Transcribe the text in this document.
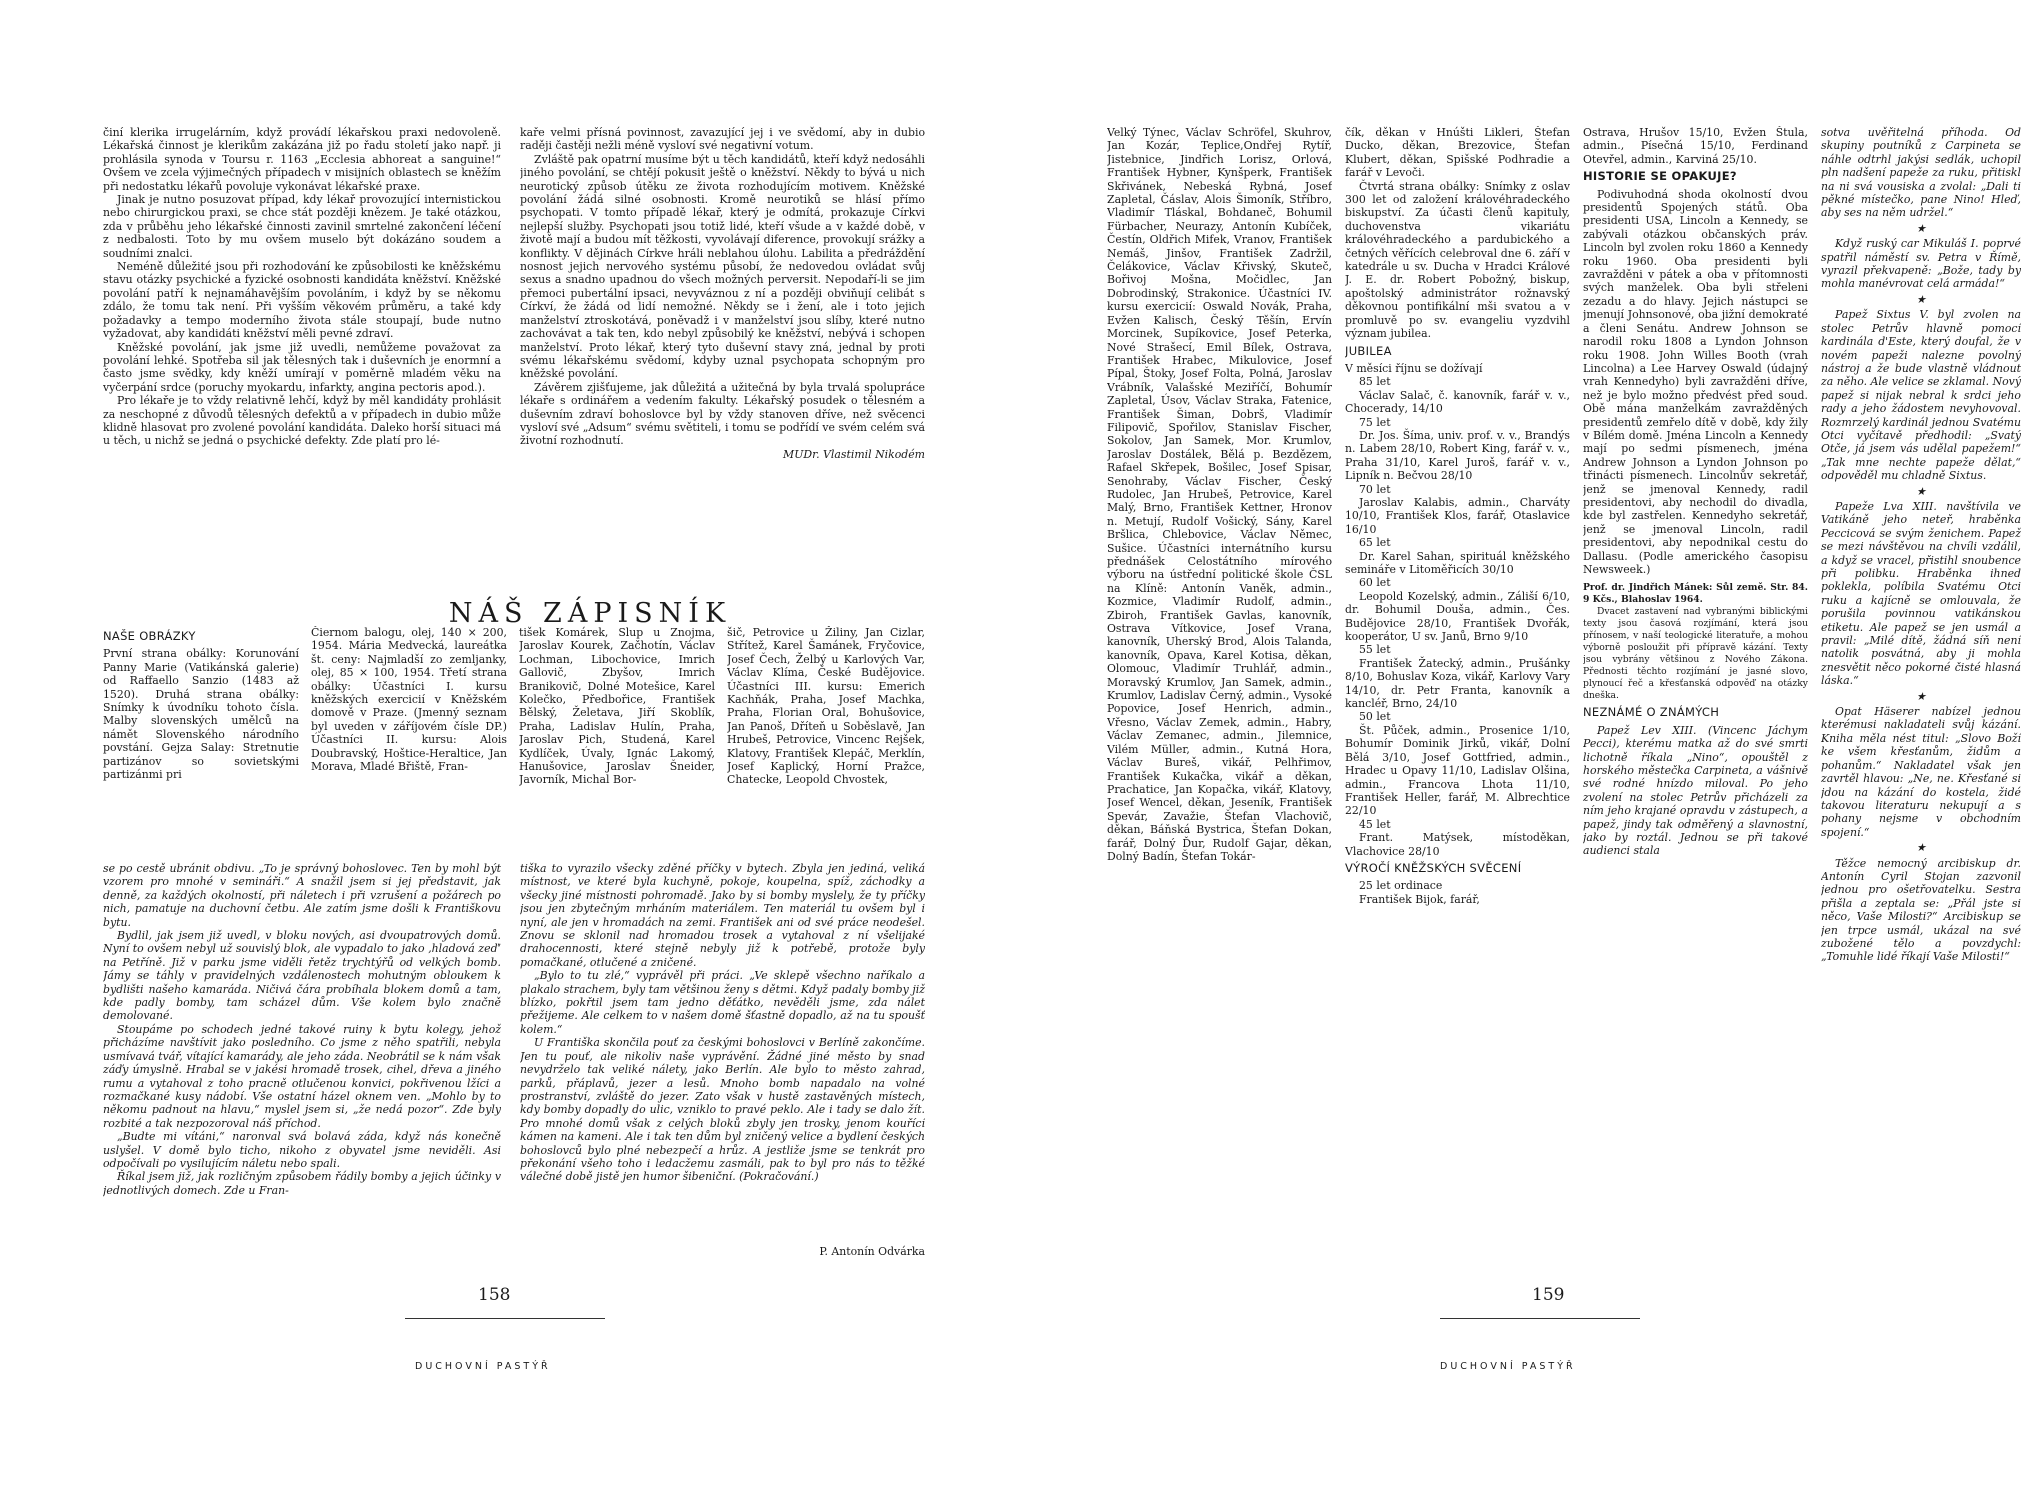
činí klerika irrugelárním, když provádí lékařskou praxi nedovoleně. Lékařská činnost je klerikům zakázána již po řadu století jako např. ji prohlásila synoda v Toursu r. 1163 „Ecclesia abhoreat a sanguine!“ Ovšem ve zcela výjimečných případech v misijních oblastech se kněžím při nedostatku lékařů povoluje vykonávat lékařské praxe.

Jinak je nutno posuzovat případ, kdy lékař provozující internistickou nebo chirurgickou praxi, se chce stát později knězem. Je také otázkou, zda v průběhu jeho lékařské činnosti zavinil smrtelné zakončení léčení z nedbalosti. Toto by mu ovšem muselo být dokázáno soudem a soudními znalci.

Neméně důležité jsou při rozhodování ke způsobilosti ke kněžskému stavu otázky psychické a fyzické osobnosti kandidáta kněžství. Kněžské povolání patří k nejnamáhavějším povoláním, i když by se někomu zdálo, že tomu tak není. Při vyšším věkovém průměru, a také kdy požadavky a tempo moderního života stále stoupají, bude nutno vyžadovat, aby kandidáti kněžství měli pevné zdraví.

Kněžské povolání, jak jsme již uvedli, nemůžeme považovat za povolání lehké. Spotřeba sil jak tělesných tak i duševních je enormní a často jsme svědky, kdy kněží umírají v poměrně mladém věku na vyčerpání srdce (poruchy myokardu, infarkty, angina pectoris apod.).

Pro lékaře je to vždy relativně lehčí, když by měl kandidáty prohlásit za neschopné z důvodů tělesných defektů a v případech in dubio může klidně hlasovat pro zvolené povolání kandidáta. Daleko horší situaci má u těch, u nichž se jedná o psychické defekty. Zde platí pro lé-

kaře velmi přísná povinnost, zavazující jej i ve svědomí, aby in dubio raději častěji nežli méně vysloví své negativní votum.

Zvláště pak opatrní musíme být u těch kandidátů, kteří když nedosáhli jiného povolání, se chtějí pokusit ještě o kněžství. Někdy to bývá u nich neurotický způsob útěku ze života rozhodujícím motivem. Kněžské povolání žádá silné osobnosti. Kromě neurotiků se hlásí přímo psychopati. V tomto případě lékař, který je odmítá, prokazuje Církvi nejlepší služby. Psychopati jsou totiž lidé, kteří všude a v každé době, v životě mají a budou mít těžkosti, vyvolávají diference, provokují srážky a konflikty. V dějinách Církve hráli neblahou úlohu. Labilita a předráždění nosnost jejich nervového systému působí, že nedovedou ovládat svůj sexus a snadno upadnou do všech možných perversit. Nepodaří-li se jim přemoci pubertální ipsaci, nevyváznou z ní a později obviňují celibát s Církví, že žádá od lidí nemožné. Někdy se i žení, ale i toto jejich manželství ztroskotává, poněvadž i v manželství jsou slíby, které nutno zachovávat a tak ten, kdo nebyl způsobilý ke kněžství, nebývá i schopen manželství. Proto lékař, který tyto duševní stavy zná, jednal by proti svému lékařskému svědomí, kdyby uznal psychopata schopným pro kněžské povolání.

Závěrem zjišťujeme, jak důležitá a užitečná by byla trvalá spolupráce lékaře s ordinářem a vedením fakulty. Lékařský posudek o tělesném a duševním zdraví bohoslovce byl by vždy stanoven dříve, než svěcenci vysloví své „Adsum“ svému světiteli, i tomu se podřídí ve svém celém svá životní rozhodnutí.

MUDr. Vlastimil Nikodém

NÁŠ ZÁPISNÍK
NAŠE OBRÁZKY

První strana obálky: Korunování Panny Marie (Vatikánská galerie) od Raffaello Sanzio (1483 až 1520). Druhá strana obálky: Snímky k úvodníku tohoto čísla. Malby slovenských umělců na námět Slovenského národního povstání. Gejza Salay: Stretnutie partizánov so sovietskými partizánmi pri

Čiernom balogu, olej, 140 × 200, 1954. Mária Medvecká, laureátka št. ceny: Najmladší zo zemljanky, olej, 85 × 100, 1954. Třetí strana obálky: Účastníci I. kursu kněžských exercicií v Kněžském domově v Praze. (Jmenný seznam byl uveden v záříjovém čísle DP.) Účastníci II. kursu: Alois Doubravský, Hoštice-Heraltice, Jan Morava, Mladé Břiště, Fran-

tišek Komárek, Slup u Znojma, Jaroslav Kourek, Začhotín, Václav Lochman, Libochovice, Imrich Gallovič, Zbyšov, Imrich Branikovič, Dolné Motešice, Karel Kolečko, Předbořice, František Bělský, Želetava, Jiří Skoblík, Praha, Ladislav Hulín, Praha, Jaroslav Pich, Studená, Karel Kydlíček, Úvaly, Ignác Lakomý, Hanušovice, Jaroslav Šneider, Javorník, Michal Bor-

šič, Petrovice u Žiliny, Jan Cizlar, Střítež, Karel Šamánek, Fryčovice, Josef Čech, Želbý u Karlových Var, Václav Klíma, České Budějovice. Účastníci III. kursu: Emerich Kachňák, Praha, Josef Machka, Praha, Florian Oral, Bohušovice, Jan Panoš, Dříteň u Soběslavě, Jan Hrubeš, Petrovice, Vincenc Rejšek, Klatovy, František Klepáč, Merklín, Josef Kaplický, Horní Pražce, Chatecke, Leopold Chvostek,

se po cestě ubránit obdivu. „To je správný bohoslovec. Ten by mohl být vzorem pro mnohé v semináři.“ A snažil jsem si jej představit, jak denně, za každých okolností, při náletech i při vzrušení a požárech po nich, pamatuje na duchovní četbu. Ale zatím jsme došli k Františkovu bytu.

Bydlil, jak jsem již uvedl, v bloku nových, asi dvoupatrových domů. Nyní to ovšem nebyl už souvislý blok, ale vypadalo to jako ‚hladová zeď‘ na Petříně. Již v parku jsme viděli řetěz trychtýřů od velkých bomb. Jámy se táhly v pravidelných vzdálenostech mohutným obloukem k bydlišti našeho kamaráda. Ničivá čára probíhala blokem domů a tam, kde padly bomby, tam scházel dům. Vše kolem bylo značně demolované.

Stoupáme po schodech jedné takové ruiny k bytu kolegy, jehož přicházíme navštívit jako posledního. Co jsme z něho spatřili, nebyla usmívavá tvář, vítající kamarády, ale jeho záda. Neobrátil se k nám však záďy úmyslně. Hrabal se v jakési hromadě trosek, cihel, dřeva a jiného rumu a vytahoval z toho pracně otlučenou konvici, pokřivenou lžíci a rozmačkané kusy nádobí. Vše ostatní házel oknem ven. „Mohlo by to někomu padnout na hlavu,“ myslel jsem si, „že nedá pozor“. Zde byly rozbité a tak nezpozoroval náš příchod.

„Budte mi vítáni,“ naronval svá bolavá záda, když nás konečně uslyšel. V domě bylo ticho, nikoho z obyvatel jsme neviděli. Asi odpočívali po vysilujícím náletu nebo spali.

Říkal jsem již, jak rozličným způsobem řádily bomby a jejich účinky v jednotlivých domech. Zde u Fran-

tiška to vyrazilo všecky zděné příčky v bytech. Zbyla jen jediná, veliká místnost, ve které byla kuchyně, pokoje, koupelna, spíž, záchodky a všecky jiné místnosti pohromadě. Jako by si bomby myslely, že ty příčky jsou jen zbytečným mrháním materiálem. Ten materiál tu ovšem byl i nyní, ale jen v hromadách na zemi. František ani od své práce neodešel. Znovu se sklonil nad hromadou trosek a vytahoval z ní všelijaké drahocennosti, které stejně nebyly již k potřebě, protože byly pomačkané, otlučené a zničené.

„Bylo to tu zlé,“ vyprávěl při práci. „Ve sklepě všechno naříkalo a plakalo strachem, byly tam většinou ženy s dětmi. Když padaly bomby již blízko, pokřtil jsem tam jedno děťátko, nevěděli jsme, zda nálet přežijeme. Ale celkem to v našem domě šťastně dopadlo, až na tu spoušť kolem.“

U Františka skončila pouť za českými bohoslovci v Berlíně zakončíme. Jen tu pouť, ale nikoliv naše vyprávění. Žádné jiné město by snad nevydrželo tak veliké nálety, jako Berlín. Ale bylo to město zahrad, parků, přáplavů, jezer a lesů. Mnoho bomb napadalo na volné prostranství, zvláště do jezer. Zato však v hustě zastavěných místech, kdy bomby dopadly do ulic, vzniklo to pravé peklo. Ale i tady se dalo žít. Pro mnohé domů však z celých bloků zbyly jen trosky, jenom kouřící kámen na kameni. Ale i tak ten dům byl zničený velice a bydlení českých bohoslovců bylo plné nebezpečí a hrůz. A jestliže jsme se tenkrát pro překonání všeho toho i ledacžemu zasmáli, pak to byl pro nás to těžké válečné době jistě jen humor šibeniční. (Pokračování.)

P. Antonín Odvárka
158
DUCHOVNÍ PASTÝŘ

Velký Týnec, Václav Schröfel, Skuhrov, Jan Kozár, Teplice,Ondřej Rytíř, Jistebnice, Jindřich Lorisz, Orlová, František Hybner, Kynšperk, František Skřivánek, Nebeská Rybná, Josef Zapletal, Čáslav, Alois Šimoník, Stříbro, Vladimír Tláskal, Bohdaneč, Bohumil Fürbacher, Neurazy, Antonín Kubíček, Čestín, Oldřich Mifek, Vranov, František Nemáš, Jinšov, František Zadržil, Čelákovice, Václav Křivský, Skuteč, Bořivoj Mošna, Močidlec, Jan Dobrodinský, Strakonice. Účastníci IV. kursu exercicií: Oswald Novák, Praha, Evžen Kalisch, Český Těšín, Ervín Morcinek, Supíkovice, Josef Peterka, Nové Strašecí, Emil Bílek, Ostrava, František Hrabec, Mikulovice, Josef Pípal, Štoky, Josef Folta, Polná, Jaroslav Vrábník, Valašské Meziříčí, Bohumír Zapletal, Úsov, Václav Straka, Fatenice, František Šiman, Dobrš, Vladimír Filipovič, Spořilov, Stanislav Fischer, Sokolov, Jan Samek, Mor. Krumlov, Jaroslav Dostálek, Bělá p. Bezdězem, Rafael Skřepek, Bošilec, Josef Spisar, Senohraby, Václav Fischer, Český Rudolec, Jan Hrubeš, Petrovice, Karel Malý, Brno, František Kettner, Hronov n. Metují, Rudolf Vošický, Sány, Karel Bršlica, Chlebovice, Václav Němec, Sušice. Účastníci internátního kursu přednášek Celostátního mírového výboru na ústřední politické škole ČSL na Klíně: Antonín Vaněk, admin., Kozmice, Vladimír Rudolf, admin., Zbiroh, František Gavlas, kanovník, Ostrava Vítkovice, Josef Vrana, kanovník, Uherský Brod, Alois Talanda, kanovník, Opava, Karel Kotisa, děkan, Olomouc, Vladimír Truhlář, admin., Moravský Krumlov, Jan Samek, admin., Krumlov, Ladislav Černý, admin., Vysoké Popovice, Josef Henrich, admin., Vřesno, Václav Zemek, admin., Habry, Václav Zemanec, admin., Jilemnice, Vilém Müller, admin., Kutná Hora, Václav Bureš, vikář, Pelhřimov, František Kukačka, vikář a děkan, Prachatice, Jan Kopačka, vikář, Klatovy, Josef Wencel, děkan, Jeseník, František Spevár, Zavažie, Štefan Vlachovič, děkan, Báňská Bystrica, Štefan Dokan, farář, Dolný Ďur, Rudolf Gajar, děkan, Dolný Badín, Štefan Tokár-

čík, děkan v Hnúšti Likleri, Štefan Ducko, děkan, Brezovice, Štefan Klubert, děkan, Spišské Podhradie a farář v Levoči.

Čtvrtá strana obálky: Snímky z oslav 300 let od založení královéhradeckého biskupství. Za účasti členů kapituly, duchovenstva vikariátu královéhradeckého a pardubického a četných věřících celebroval dne 6. září v katedrále u sv. Ducha v Hradci Králové J. E. dr. Robert Pobožný, biskup, apoštolský administrátor rožnavský děkovnou pontifikální mši svatou a v promluvě po sv. evangeliu vyzdvihl význam jubilea.

JUBILEA

V měsíci říjnu se dožívají

85 let

Václav Salač, č. kanovník, farář v. v., Choceradу, 14/10

75 let

Dr. Jos. Šíma, univ. prof. v. v., Brandýs n. Labem 28/10, Robert King, farář v. v., Praha 31/10, Karel Juroš, farář v. v., Lipník n. Bečvou 28/10

70 let

Jaroslav Kalabis, admin., Charváty 10/10, František Klos, farář, Otaslavice 16/10

65 let

Dr. Karel Sahan, spirituál kněžského semináře v Litoměřicích 30/10

60 let

Leopold Kozelský, admin., Záliší 6/10, dr. Bohumil Douša, admin., Čes. Budějovice 28/10, František Dvořák, kooperátor, U sv. Janů, Brno 9/10

55 let

František Žatecký, admin., Prušánky 8/10, Bohuslav Koza, vikář, Karlovy Vary 14/10, dr. Petr Franta, kanovník a kancléř, Brno, 24/10

50 let

Št. Půček, admin., Prosenice 1/10, Bohumír Dominik Jirků, vikář, Dolní Bělá 3/10, Josef Gottfried, admin., Hradec u Opavy 11/10, Ladislav Olšina, admin., Francova Lhota 11/10, František Heller, farář, M. Albrechtice 22/10

45 let

Frant. Matýsek, místoděkan, Vlachovice 28/10

VÝROČÍ KNĚŽSKÝCH SVĚCENÍ

25 let ordinace

František Bijok, farář,

Ostrava, Hrušov 15/10, Evžen Štula, admin., Písečná 15/10, Ferdinand Otevřel, admin., Karviná 25/10.

HISTORIE SE OPAKUJE?

Podivuhodná shoda okolností dvou presidentů Spojených států. Oba presidenti USA, Lincoln a Kennedy, se zabývali otázkou občanských práv. Lincoln byl zvolen roku 1860 a Kennedy roku 1960. Oba presidenti byli zavražděni v pátek a oba v přítomnosti svých manželek. Oba byli střeleni zezadu a do hlavy. Jejich nástupci se jmenují Johnsonové, oba jižní demokraté a členi Senátu. Andrew Johnson se narodil roku 1808 a Lyndon Johnson roku 1908. John Willes Booth (vrah Lincolna) a Lee Harvey Oswald (údajný vrah Kennedyho) byli zavražděni dříve, než je bylo možno předvést před soud. Obě mána manželkám zavražděných presidentů zemřelo dítě v době, kdy žily v Bílém domě. Jména Lincoln a Kennedy mají po sedmi písmenech, jména Andrew Johnson a Lyndon Johnson po třinácti písmenech. Lincolnův sekretář, jenž se jmenoval Kennedy, radil presidentovi, aby nechodil do divadla, kde byl zastřelen. Kennedyho sekretář, jenž se jmenoval Lincoln, radil presidentovi, aby nepodnikal cestu do Dallasu. (Podle amerického časopisu Newsweek.)

Prof. dr. Jindřich Mánek: Sůl země. Str. 84. 9 Kčs., Blahoslav 1964.

Dvacet zastavení nad vybranými biblickými texty jsou časová rozjímání, která jsou přínosem, v naší teologické literatuře, a mohou výborně posloužit při přípravě kázání. Texty jsou vybrány většinou z Nového Zákona. Přednosti těchto rozjímání je jasné slovo, plynoucí řeč a křesťanská odpověď na otázky dneška.

NEZNÁMÉ O ZNÁMÝCH

Papež Lev XIII. (Vincenc Jáchym Pecci), kterému matka až do své smrti lichotně říkala „Nino“, opouštěl z horského městečka Carpineta, a vášnivě své rodné hnízdo miloval. Po jeho zvolení na stolec Petrův přicházeli za ním jeho krajané opravdu v zástupech, a papež, jindy tak odměřený a slavnostní, jako by roztál. Jednou se při takové audienci stala

sotva uvěřitelná příhoda. Od skupiny poutníků z Carpineta se náhle odtrhl jakýsi sedlák, uchopil pln nadšení papeže za ruku, přitiskl na ni svá vousiska a zvolal: „Dali ti pěkné místečko, pane Nino! Hleď, aby ses na něm udržel.“

★

Když ruský car Mikuláš I. poprvé spatřil náměstí sv. Petra v Římě, vyrazil překvapeně: „Bože, tady by mohla manévrovat celá armáda!“

★

Papež Sixtus V. byl zvolen na stolec Petrův hlavně pomocí kardinála d'Este, který doufal, že v novém papeži nalezne povolný nástroj a že bude vlastně vládnout za něho. Ale velice se zklamal. Nový papež si nijak nebral k srdci jeho rady a jeho žádostem nevyhovoval. Rozmrzelý kardinál jednou Svatému Otci vyčítavě předhodil: „Svatý Otče, já jsem vás udělal papežem!“ „Tak mne nechte papeže dělat,“ odpověděl mu chladně Sixtus.

★

Papeže Lva XIII. navštívila ve Vatikáně jeho neteř, hraběnka Peccicová se svým ženichem. Papež se mezi návštěvou na chvíli vzdálil, a když se vracel, přistihl snoubence při polibku. Hraběnka ihned poklekla, políbila Svatému Otci ruku a kajícně se omlouvala, že porušila povinnou vatikánskou etiketu. Ale papež se jen usmál a pravil: „Milé dítě, žádná síň není natolik posvátná, aby ji mohla znesvětit něco pokorné čisté hlasná láska.“

★

Opat Häserer nabízel jednou kterémusi nakladateli svůj kázání. Kniha měla nést titul: „Slovo Boží ke všem křesťanům, židům a pohanům.“ Nakladatel však jen zavrtěl hlavou: „Ne, ne. Křesťané si jdou na kázání do kostela, židé takovou literaturu nekupují a s pohany nejsme v obchodním spojení.“

★

Těžce nemocný arcibiskup dr. Antonín Cyril Stojan zazvonil jednou pro ošetřovatelku. Sestra přišla a zeptala se: „Přál jste si něco, Vaše Milosti?“ Arcibiskup se jen trpce usmál, ukázal na své zubožené tělo a povzdychl: „Tomuhle lidé říkají Vaše Milosti!“

159
DUCHOVNÍ PASTÝŘ
